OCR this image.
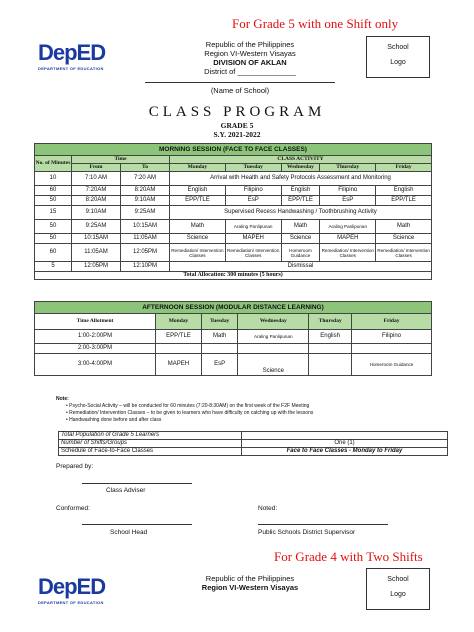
For Grade 5 with one Shift only
DepED
DEPARTMENT OF EDUCATION
Republic of the Philippines
Region VI-Western Visayas
DIVISION OF AKLAN
District of ______________
(Name of School)
School
Logo
CLASS PROGRAM
GRADE 5
S.Y. 2021-2022
MORNING SESSION (FACE TO FACE CLASSES)							
No. of Minutes	Time		CLASS ACTIVITY				
	From	To	Monday	Tuesday	Wednesday	Thursday	Friday
10	7:10 AM	7:20 AM	Arrival with Health and Safety Protocols Assessment and Monitoring				
60	7:20AM	8:20AM	English	Filipino	English	Filipino	English
50	8:20AM	9:10AM	EPP/TLE	EsP	EPP/TLE	EsP	EPP/TLE
15	9:10AM	9:25AM	Supervised Recess Handwashing / Toothbrushing Activity				
50	9:25AM	10:15AM	Math	Araling Panlipunan	Math	Araling Panlipunan	Math
50	10:15AM	11:05AM	Science	MAPEH	Science	MAPEH	Science
60	11:05AM	12:05PM	Remediation/ Intervention Classes	Remediation/ Intervention Classes	Homeroom Guidance	Remediation/ Intervention Classes	Remediation/ Intervention Classes
5	12:05PM	12:10PM	Dismissal				
Total Allocation: 300 minutes (5 hours)							
AFTERNOON SESSION (MODULAR DISTANCE LEARNING)					
Time Allotment	Monday	Tuesday	Wednesday	Thursday	Friday
1:00-2:00PM	EPP/TLE	Math	Araling Panlipunan	English	Filipino
2:00-3:00PM					
3:00-4:00PM	MAPEH	EsP	Science		Homeroom Guidance
Note:
• Psycho-Social Activity – will be conducted for 60 minutes (7:20-8:30AM) on the first week of the F2F Meeting
• Remediation/ Intervention Classes – to be given to learners who have difficulty on catching up with the lessons
• Handwashing done before and after class
Total Population of Grade 5 Learners	
Number of Shifts/Groups	One (1)
Schedule of Face-to-Face Classes	Face to Face Classes - Monday to Friday
Prepared by:
Class Adviser
Conformed:	Noted:
School Head	Public Schools District Supervisor
For Grade 4 with Two Shifts
DepED
DEPARTMENT OF EDUCATION
Republic of the Philippines
Region VI-Western Visayas
School
Logo
